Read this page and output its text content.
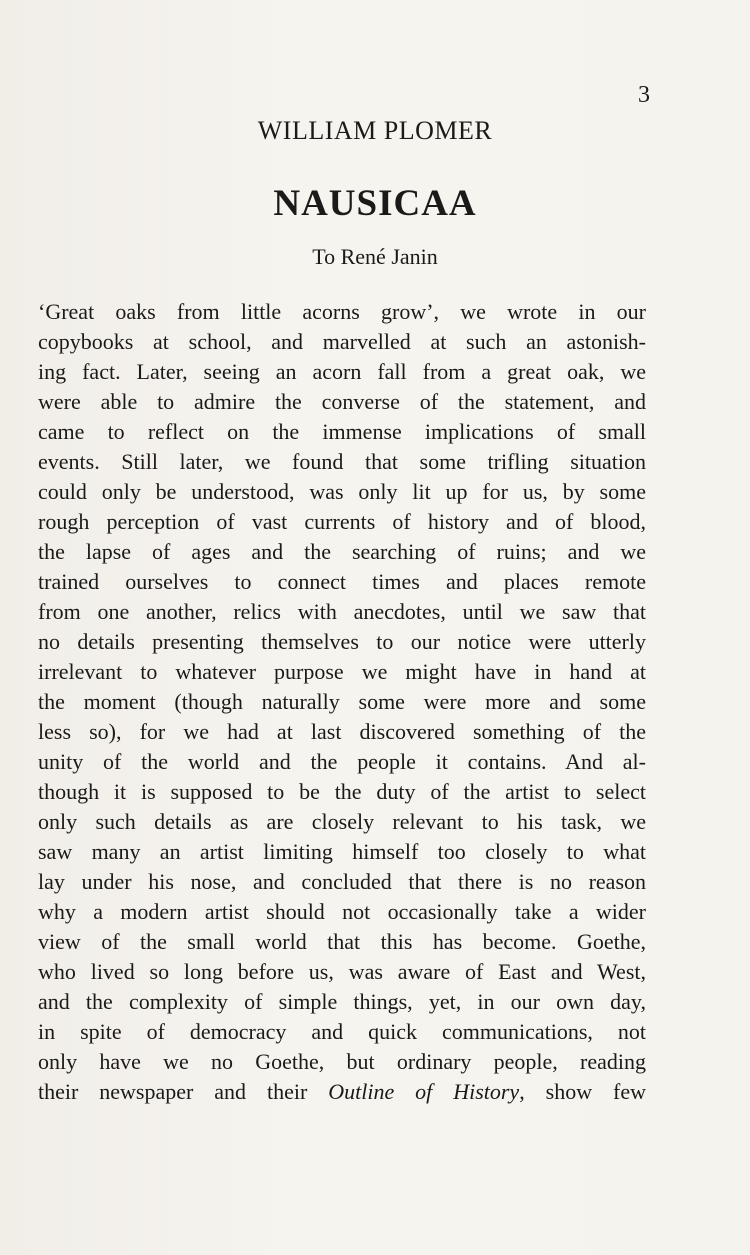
3
WILLIAM PLOMER
NAUSICAA
To René Janin
‘Great oaks from little acorns grow’, we wrote in our
copybooks at school, and marvelled at such an astonish-
ing fact. Later, seeing an acorn fall from a great oak, we
were able to admire the converse of the statement, and
came to reflect on the immense implications of small
events. Still later, we found that some trifling situation
could only be understood, was only lit up for us, by some
rough perception of vast currents of history and of blood,
the lapse of ages and the searching of ruins; and we
trained ourselves to connect times and places remote
from one another, relics with anecdotes, until we saw that
no details presenting themselves to our notice were utterly
irrelevant to whatever purpose we might have in hand at
the moment (though naturally some were more and some
less so), for we had at last discovered something of the
unity of the world and the people it contains. And al-
though it is supposed to be the duty of the artist to select
only such details as are closely relevant to his task, we
saw many an artist limiting himself too closely to what
lay under his nose, and concluded that there is no reason
why a modern artist should not occasionally take a wider
view of the small world that this has become. Goethe,
who lived so long before us, was aware of East and West,
and the complexity of simple things, yet, in our own day,
in spite of democracy and quick communications, not
only have we no Goethe, but ordinary people, reading
their newspaper and their Outline of History, show few
